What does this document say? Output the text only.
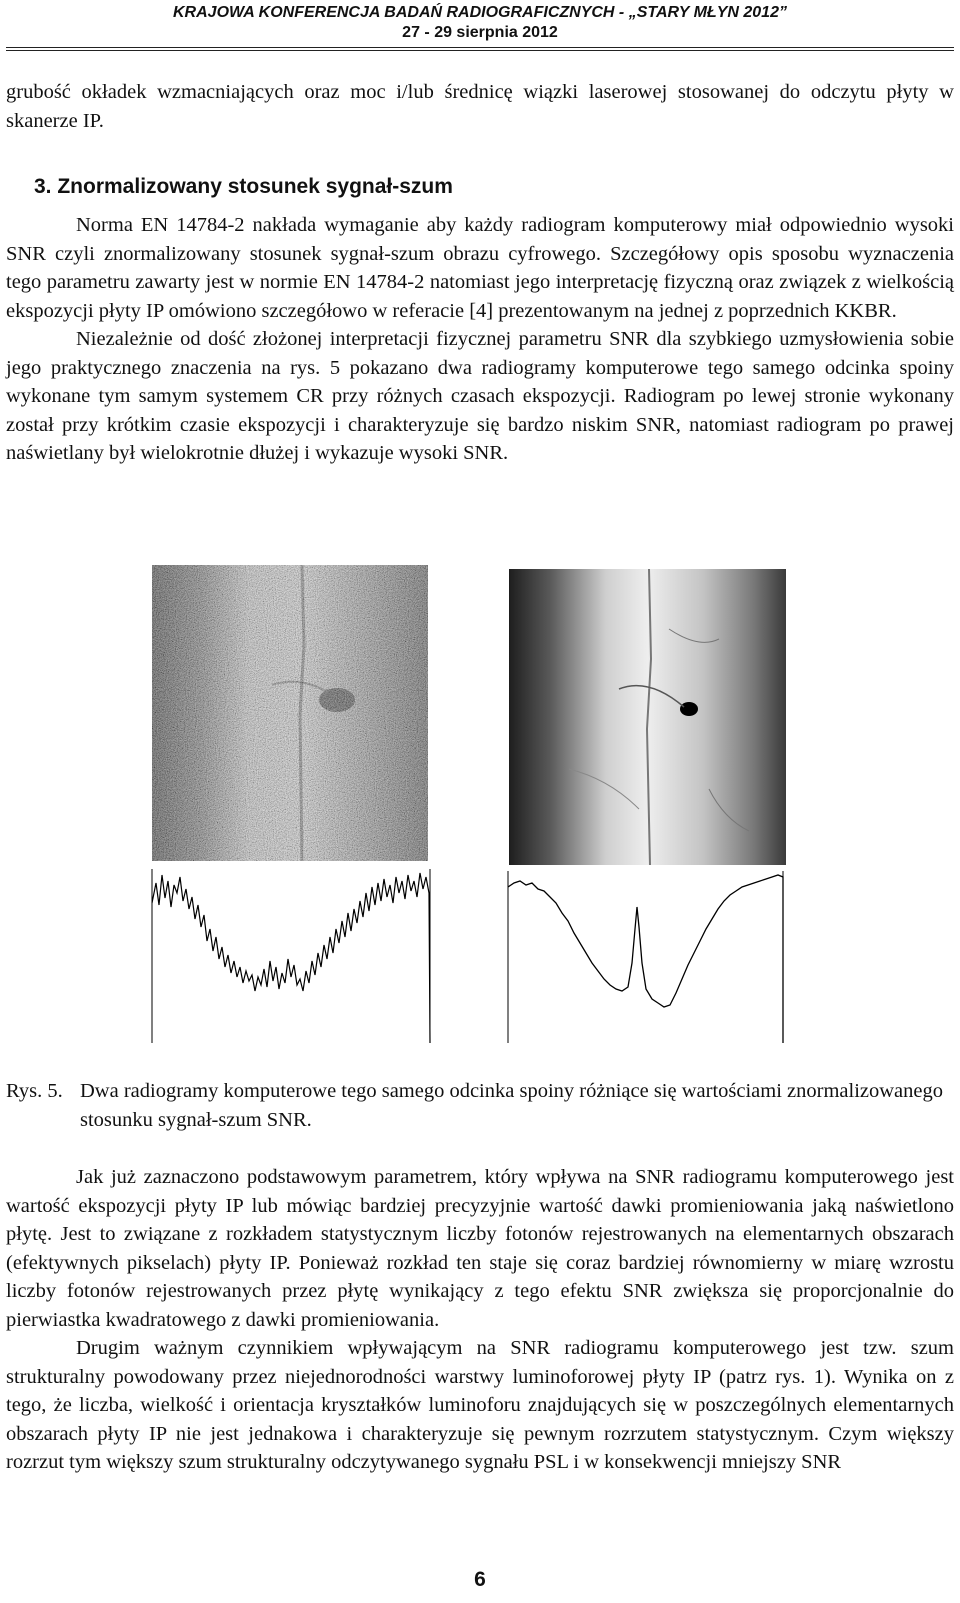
KRAJOWA KONFERENCJA BADAŃ RADIOGRAFICZNYCH - „STARY MŁYN 2012”
27 - 29 sierpnia 2012

grubość okładek wzmacniających oraz moc i/lub średnicę wiązki laserowej stosowanej do odczytu płyty w skanerze IP.

3. Znormalizowany stosunek sygnał-szum

Norma EN 14784-2 nakłada wymaganie aby każdy radiogram komputerowy miał odpowiednio wysoki SNR czyli znormalizowany stosunek sygnał-szum obrazu cyfrowego. Szczegółowy opis sposobu wyznaczenia tego parametru zawarty jest w normie EN 14784-2 natomiast jego interpretację fizyczną oraz związek z wielkością ekspozycji płyty IP omówiono szczegółowo w referacie [4] prezentowanym na jednej z poprzednich KKBR.

Niezależnie od dość złożonej interpretacji fizycznej parametru SNR dla szybkiego uzmysłowienia sobie jego praktycznego znaczenia na rys. 5 pokazano dwa radiogramy komputerowe tego samego odcinka spoiny wykonane tym samym systemem CR przy różnych czasach ekspozycji. Radiogram po lewej stronie wykonany został przy krótkim czasie ekspozycji i charakteryzuje się bardzo niskim SNR, natomiast radiogram po prawej naświetlany był wielokrotnie dłużej i wykazuje wysoki SNR.

Rys. 5. Dwa radiogramy komputerowe tego samego odcinka spoiny różniące się wartościami znormalizowanego stosunku sygnał-szum SNR.

Jak już zaznaczono podstawowym parametrem, który wpływa na SNR radiogramu komputerowego jest wartość ekspozycji płyty IP lub mówiąc bardziej precyzyjnie wartość dawki promieniowania jaką naświetlono płytę. Jest to związane z rozkładem statystycznym liczby fotonów rejestrowanych na elementarnych obszarach (efektywnych pikselach) płyty IP. Ponieważ rozkład ten staje się coraz bardziej równomierny w miarę wzrostu liczby fotonów rejestrowanych przez płytę wynikający z tego efektu SNR zwiększa się proporcjonalnie do pierwiastka kwadratowego z dawki promieniowania.

Drugim ważnym czynnikiem wpływającym na SNR radiogramu komputerowego jest tzw. szum strukturalny powodowany przez niejednorodności warstwy luminoforowej płyty IP (patrz rys. 1). Wynika on z tego, że liczba, wielkość i orientacja kryształków luminoforu znajdujących się w poszczególnych elementarnych obszarach płyty IP nie jest jednakowa i charakteryzuje się pewnym rozrzutem statystycznym. Czym większy rozrzut tym większy szum strukturalny odczytywanego sygnału PSL i w konsekwencji mniejszy SNR

6
